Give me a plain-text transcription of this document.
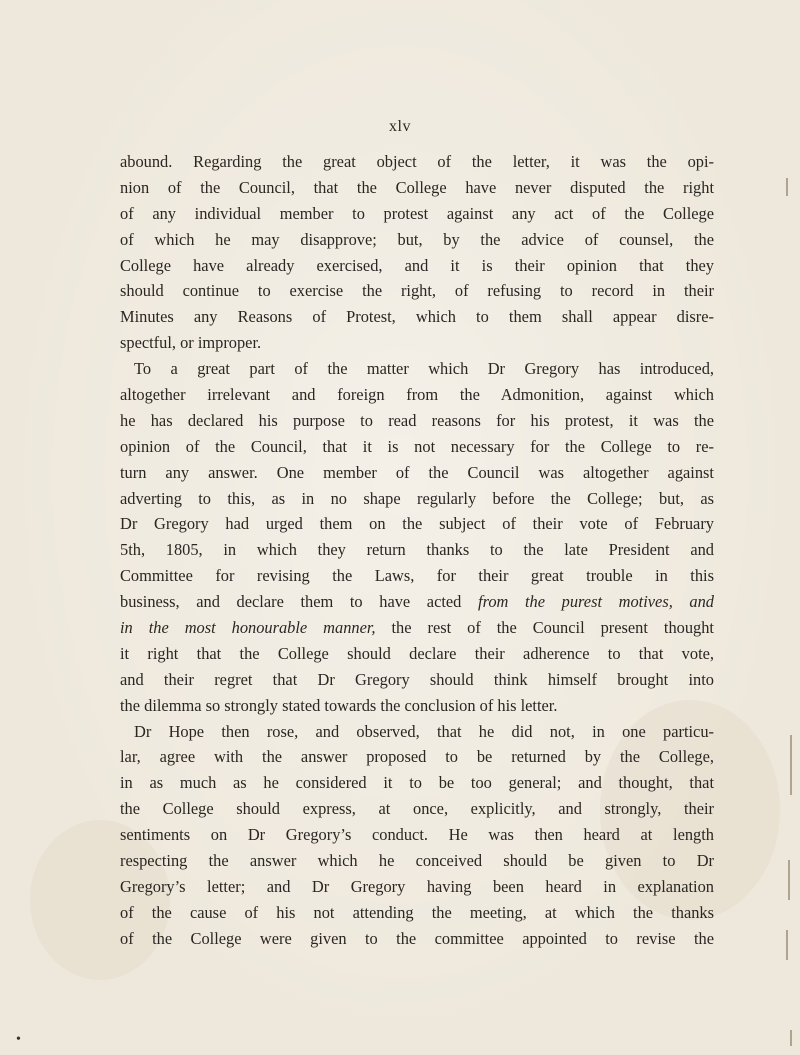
•
xlv
abound. Regarding the great object of the letter, it was the opi-
nion of the Council, that the College have never disputed the right
of any individual member to protest against any act of the College
of which he may disapprove; but, by the advice of counsel, the
College have already exercised, and it is their opinion that they
should continue to exercise the right, of refusing to record in their
Minutes any Reasons of Protest, which to them shall appear disre-
spectful, or improper.
To a great part of the matter which Dr Gregory has introduced,
altogether irrelevant and foreign from the Admonition, against which
he has declared his purpose to read reasons for his protest, it was the
opinion of the Council, that it is not necessary for the College to re-
turn any answer. One member of the Council was altogether against
adverting to this, as in no shape regularly before the College; but, as
Dr Gregory had urged them on the subject of their vote of February
5th, 1805, in which they return thanks to the late President and
Committee for revising the Laws, for their great trouble in this
business, and declare them to have acted from the purest motives, and
in the most honourable manner, the rest of the Council present thought
it right that the College should declare their adherence to that vote,
and their regret that Dr Gregory should think himself brought into
the dilemma so strongly stated towards the conclusion of his letter.
Dr Hope then rose, and observed, that he did not, in one particu-
lar, agree with the answer proposed to be returned by the College,
in as much as he considered it to be too general; and thought, that
the College should express, at once, explicitly, and strongly, their
sentiments on Dr Gregory’s conduct. He was then heard at length
respecting the answer which he conceived should be given to Dr
Gregory’s letter; and Dr Gregory having been heard in explanation
of the cause of his not attending the meeting, at which the thanks
of the College were given to the committee appointed to revise the
